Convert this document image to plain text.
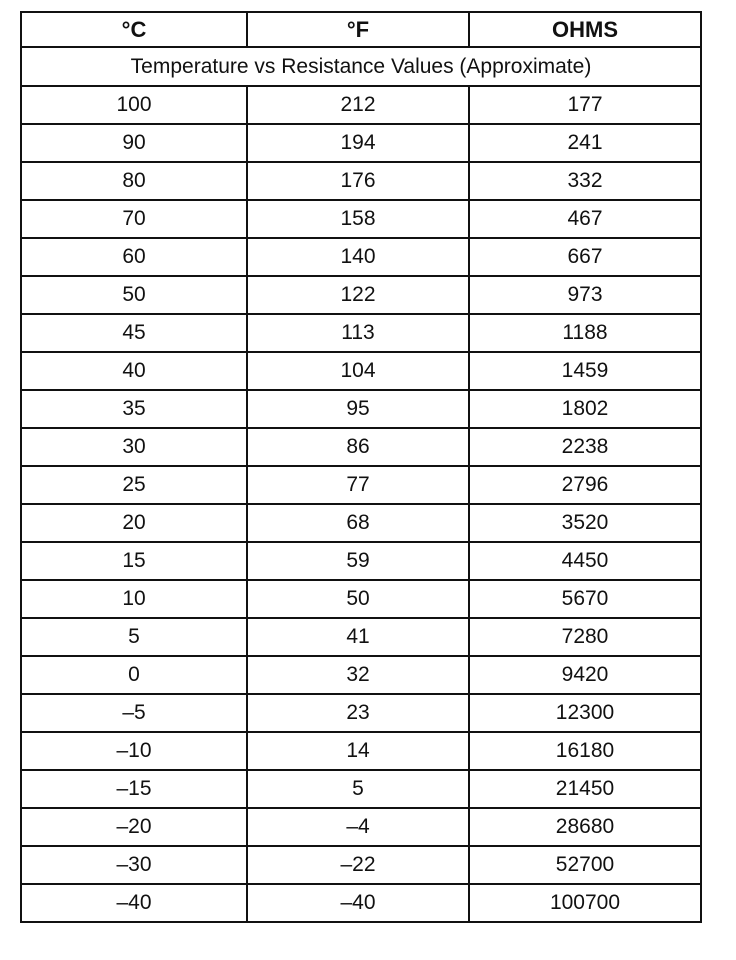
°C	°F	OHMS
Temperature vs Resistance Values (Approximate)		
100	212	177
90	194	241
80	176	332
70	158	467
60	140	667
50	122	973
45	113	1188
40	104	1459
35	95	1802
30	86	2238
25	77	2796
20	68	3520
15	59	4450
10	50	5670
5	41	7280
0	32	9420
–5	23	12300
–10	14	16180
–15	5	21450
–20	–4	28680
–30	–22	52700
–40	–40	100700
